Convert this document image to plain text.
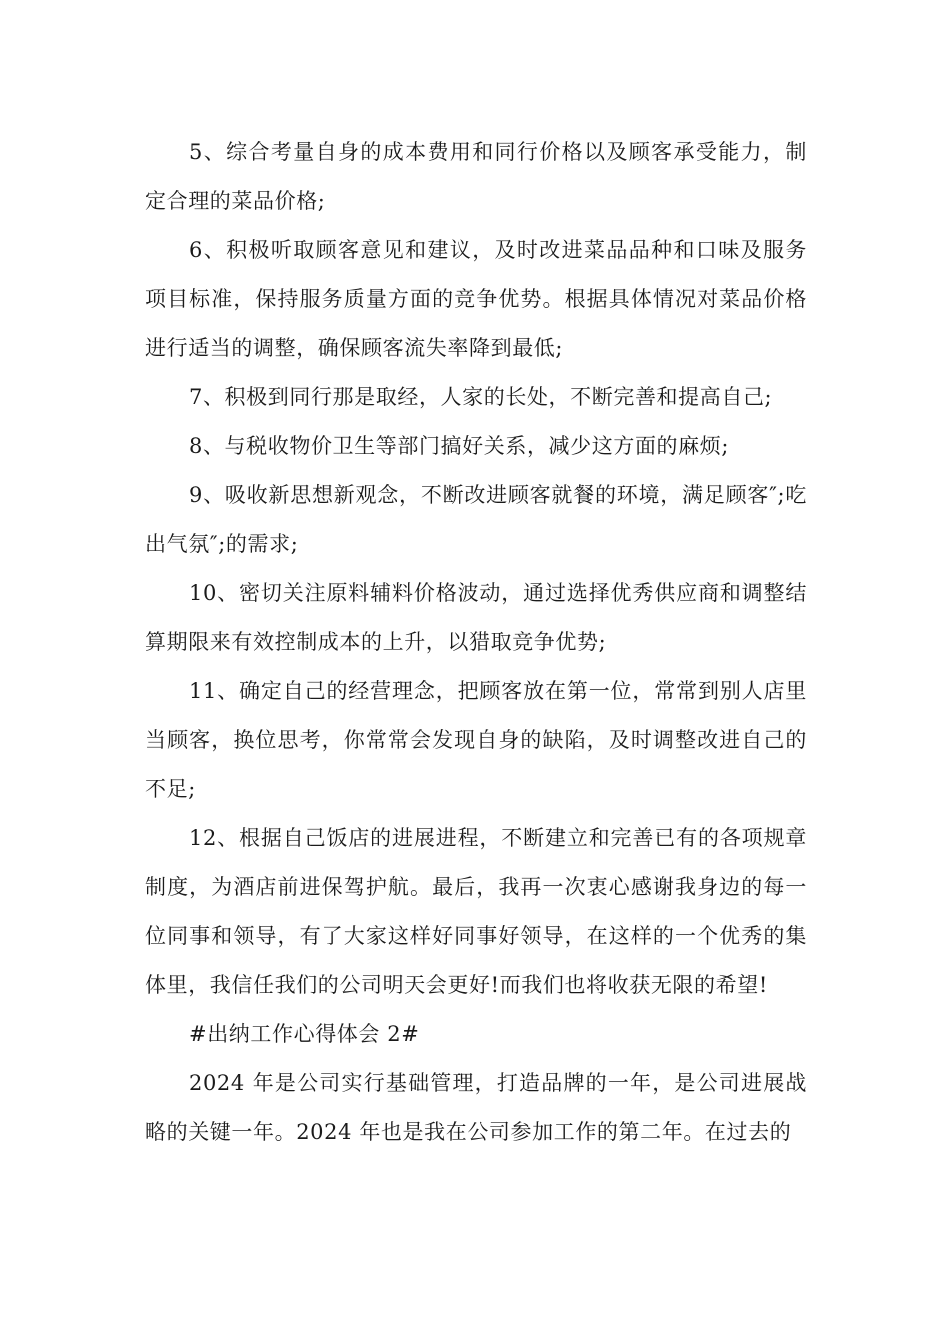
5、综合考量自身的成本费用和同行价格以及顾客承受能力，制定合理的菜品价格;

6、积极听取顾客意见和建议，及时改进菜品品种和口味及服务项目标准，保持服务质量方面的竞争优势。根据具体情况对菜品价格进行适当的调整，确保顾客流失率降到最低;

7、积极到同行那是取经，人家的长处，不断完善和提高自己;

8、与税收物价卫生等部门搞好关系，减少这方面的麻烦;

9、吸收新思想新观念，不断改进顾客就餐的环境，满足顾客″;吃出气氛″;的需求;

10、密切关注原料辅料价格波动，通过选择优秀供应商和调整结算期限来有效控制成本的上升，以猎取竞争优势;

11、确定自己的经营理念，把顾客放在第一位，常常到别人店里当顾客，换位思考，你常常会发现自身的缺陷，及时调整改进自己的不足;

12、根据自己饭店的进展进程，不断建立和完善已有的各项规章制度，为酒店前进保驾护航。最后，我再一次衷心感谢我身边的每一位同事和领导，有了大家这样好同事好领导，在这样的一个优秀的集体里，我信任我们的公司明天会更好!而我们也将收获无限的希望!

#出纳工作心得体会 2#

2024 年是公司实行基础管理，打造品牌的一年，是公司进展战略的关键一年。2024 年也是我在公司参加工作的第二年。在过去的
